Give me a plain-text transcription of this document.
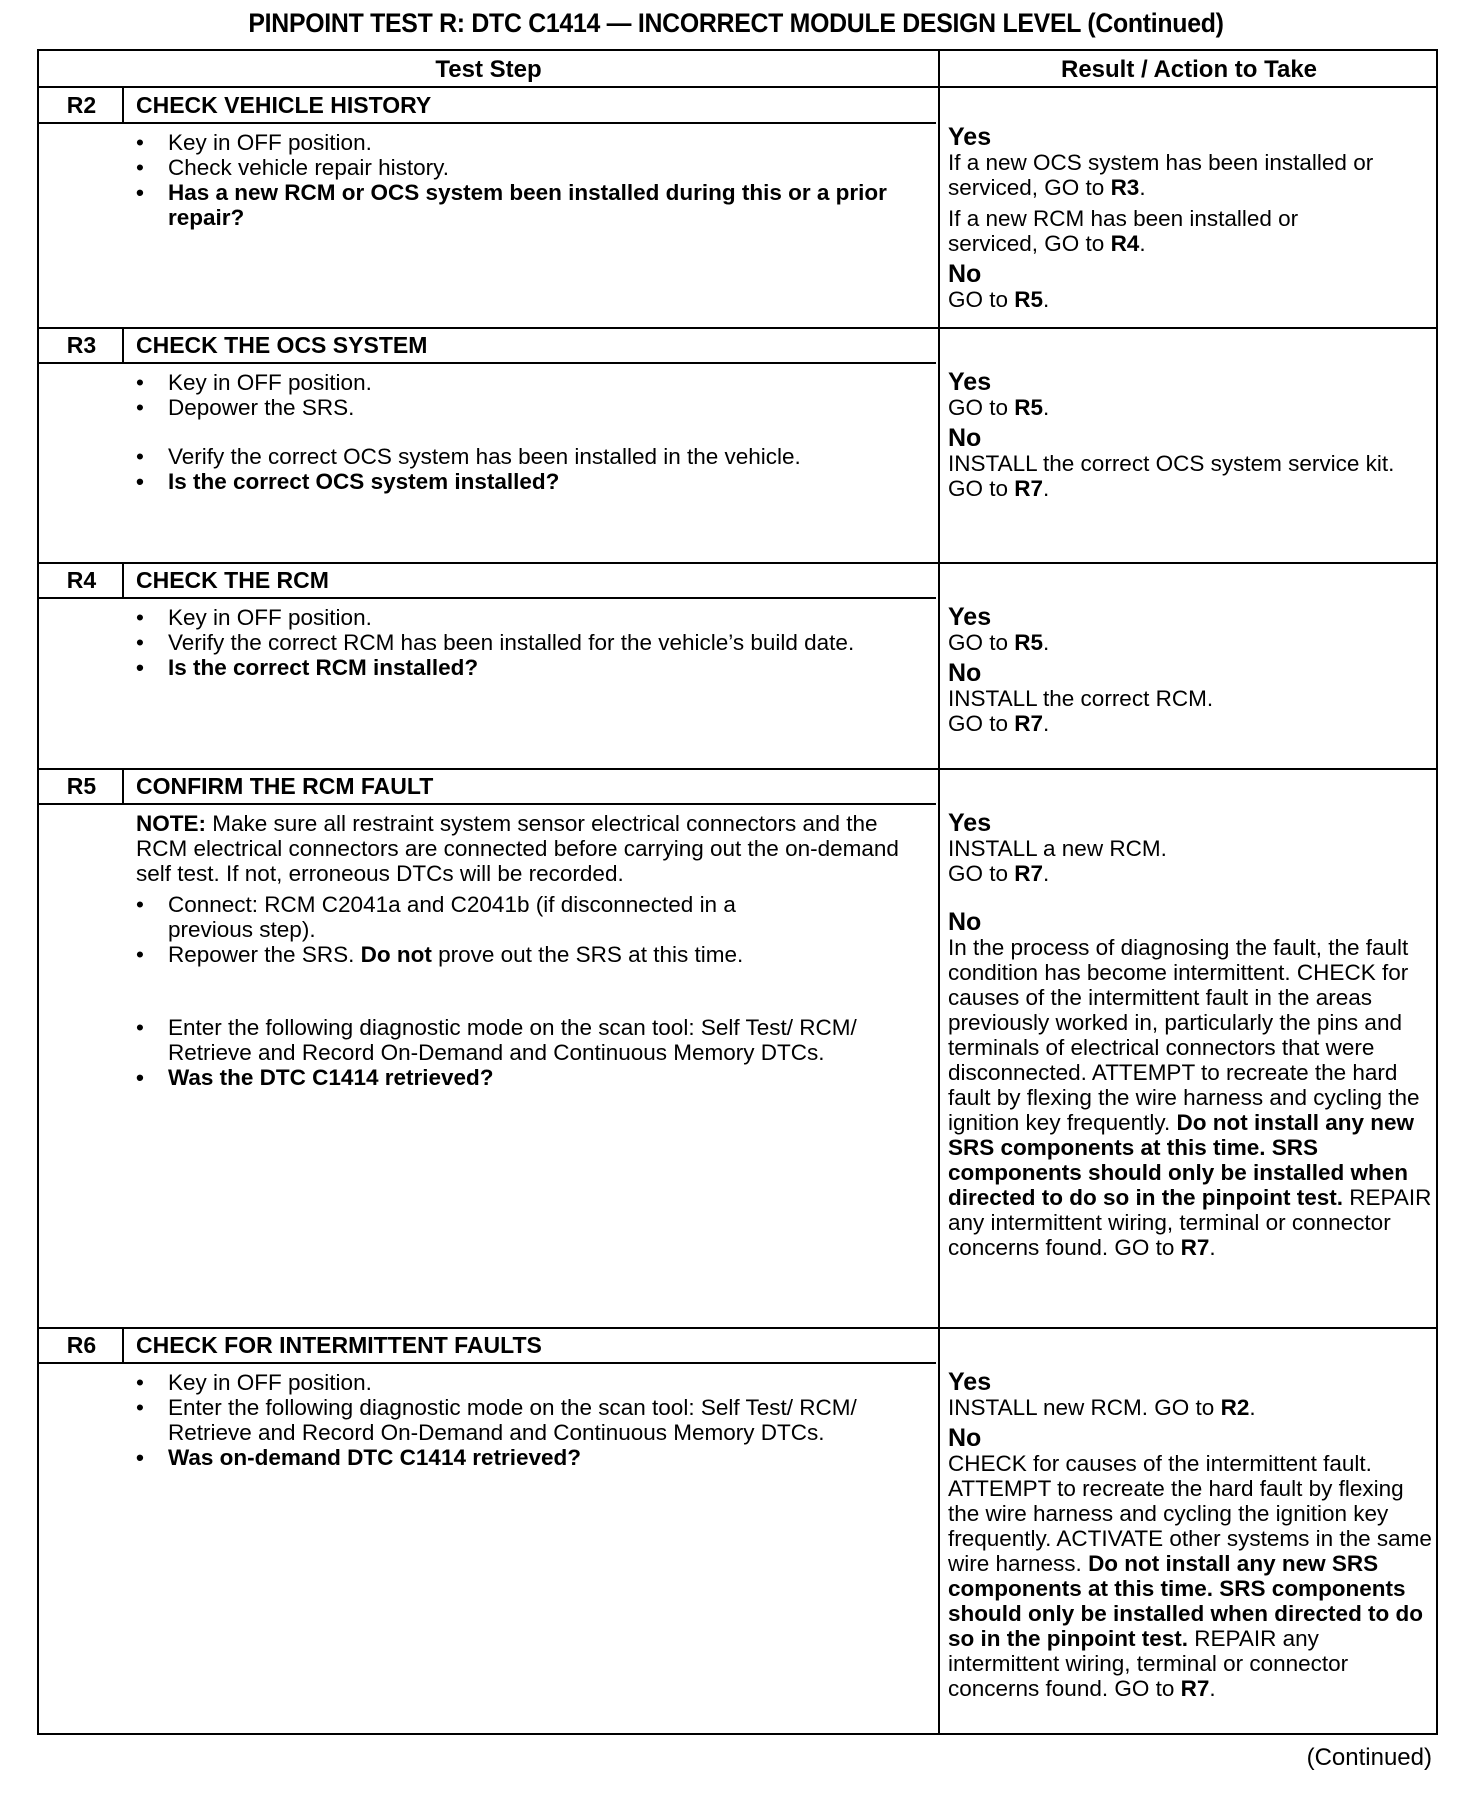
PINPOINT TEST R: DTC C1414 — INCORRECT MODULE DESIGN LEVEL (Continued)
Test Step	Result / Action to Take
R2	CHECK VEHICLE HISTORY
• Key in OFF position.
• Check vehicle repair history.
• Has a new RCM or OCS system been installed during this or a prior repair?
Yes

If a new OCS system has been installed or serviced, GO to R3.

If a new RCM has been installed or serviced, GO to R4.

No

GO to R5.

R3	CHECK THE OCS SYSTEM
• Key in OFF position.
• Depower the SRS.
• Verify the correct OCS system has been installed in the vehicle.
• Is the correct OCS system installed?
Yes

GO to R5.

No

INSTALL the correct OCS system service kit. GO to R7.

R4	CHECK THE RCM
• Key in OFF position.
• Verify the correct RCM has been installed for the vehicle’s build date.
• Is the correct RCM installed?
Yes

GO to R5.

No

INSTALL the correct RCM.

GO to R7.

R5	CONFIRM THE RCM FAULT
NOTE: Make sure all restraint system sensor electrical connectors and the RCM electrical connectors are connected before carrying out the on-demand self test. If not, erroneous DTCs will be recorded.
• Connect: RCM C2041a and C2041b (if disconnected in a previous step).
• Repower the SRS. Do not prove out the SRS at this time.
• Enter the following diagnostic mode on the scan tool: Self Test/ RCM/ Retrieve and Record On-Demand and Continuous Memory DTCs.
• Was the DTC C1414 retrieved?
Yes

INSTALL a new RCM.

GO to R7.

No

In the process of diagnosing the fault, the fault condition has become intermittent. CHECK for causes of the intermittent fault in the areas previously worked in, particularly the pins and terminals of electrical connectors that were disconnected. ATTEMPT to recreate the hard fault by flexing the wire harness and cycling the ignition key frequently. Do not install any new SRS components at this time. SRS components should only be installed when directed to do so in the pinpoint test. REPAIR any intermittent wiring, terminal or connector concerns found. GO to R7.

R6	CHECK FOR INTERMITTENT FAULTS
• Key in OFF position.
• Enter the following diagnostic mode on the scan tool: Self Test/ RCM/ Retrieve and Record On-Demand and Continuous Memory DTCs.
• Was on-demand DTC C1414 retrieved?
Yes

INSTALL new RCM. GO to R2.

No

CHECK for causes of the intermittent fault. ATTEMPT to recreate the hard fault by flexing the wire harness and cycling the ignition key frequently. ACTIVATE other systems in the same wire harness. Do not install any new SRS components at this time. SRS components should only be installed when directed to do so in the pinpoint test. REPAIR any intermittent wiring, terminal or connector concerns found. GO to R7.

(Continued)
